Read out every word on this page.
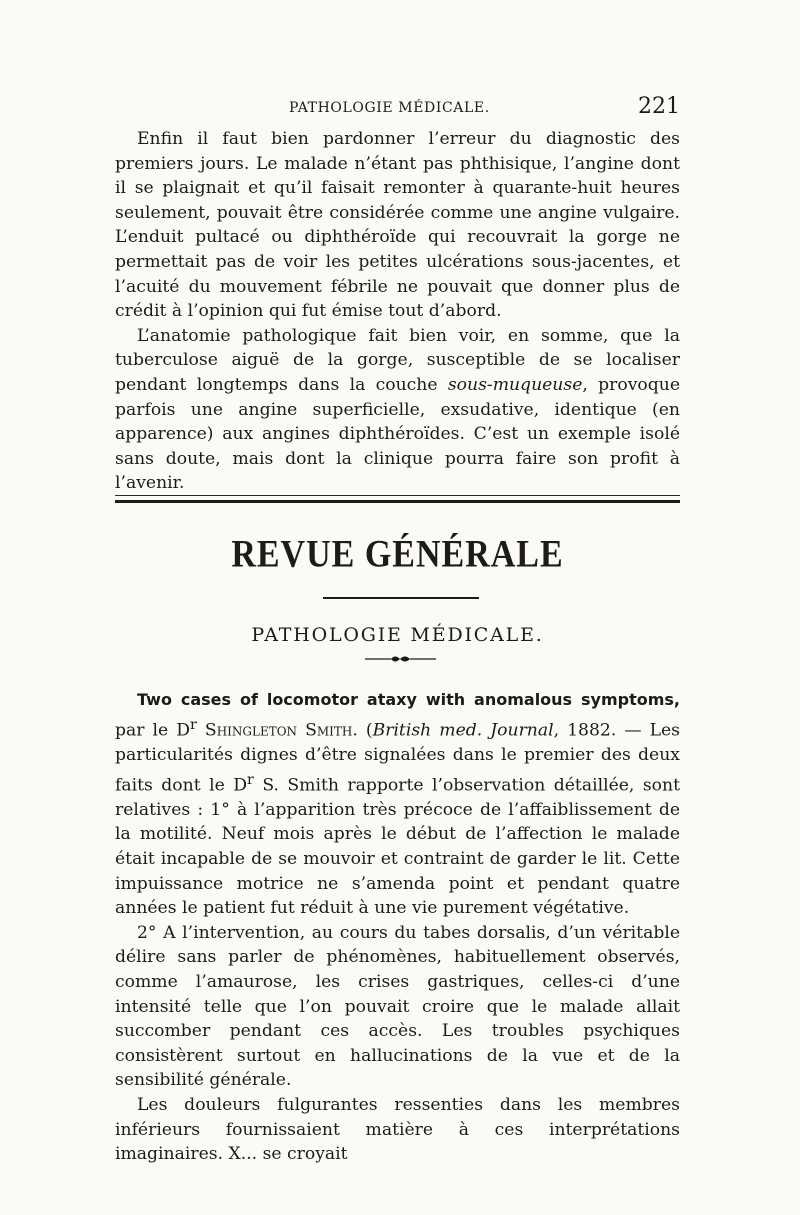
PATHOLOGIE MÉDICALE.	221

Enfin il faut bien pardonner l’erreur du diagnostic des premiers jours. Le malade n’étant pas phthisique, l’angine dont il se plaignait et qu’il faisait remonter à quarante-huit heures seulement, pouvait être considérée comme une angine vulgaire. L’enduit pultacé ou diphthéroïde qui recouvrait la gorge ne permettait pas de voir les petites ulcérations sous-jacentes, et l’acuité du mouvement fébrile ne pouvait que donner plus de crédit à l’opinion qui fut émise tout d’abord.

L’anatomie pathologique fait bien voir, en somme, que la tuberculose aiguë de la gorge, susceptible de se localiser pendant longtemps dans la couche sous-muqueuse, provoque parfois une angine superficielle, exsudative, identique (en apparence) aux angines diphthéroïdes. C’est un exemple isolé sans doute, mais dont la clinique pourra faire son profit à l’avenir.

REVUE GÉNÉRALE
PATHOLOGIE MÉDICALE.

Two cases of locomotor ataxy with anomalous symptoms, par le $D^r$ Shingleton Smith. (British med. Journal, 1882. — Les particularités dignes d’être signalées dans le premier des deux faits dont le $D^r$ S. Smith rapporte l’observation détaillée, sont relatives : 1° à l’apparition très précoce de l’affaiblissement de la motilité. Neuf mois après le début de l’affection le malade était incapable de se mouvoir et contraint de garder le lit. Cette impuissance motrice ne s’amenda point et pendant quatre années le patient fut réduit à une vie purement végétative.

2° A l’intervention, au cours du tabes dorsalis, d’un véritable délire sans parler de phénomènes, habituellement observés, comme l’amaurose, les crises gastriques, celles-ci d’une intensité telle que l’on pouvait croire que le malade allait succomber pendant ces accès. Les troubles psychiques consistèrent surtout en hallucinations de la vue et de la sensibilité générale.

Les douleurs fulgurantes ressenties dans les membres inférieurs fournissaient matière à ces interprétations imaginaires. X... se croyait
